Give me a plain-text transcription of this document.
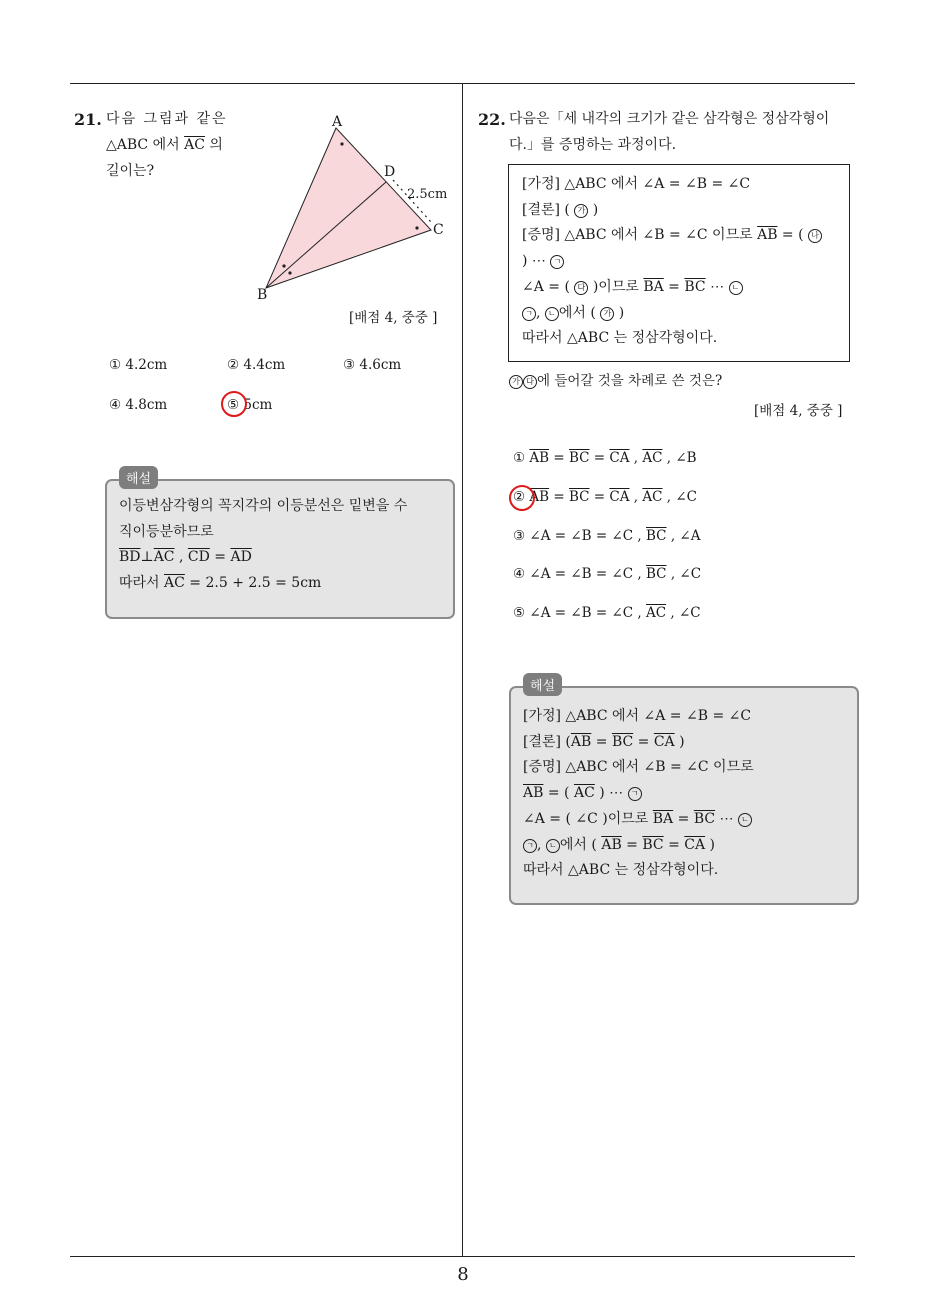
21. 다음 그림과 같은
△ABC 에서 $\overline{AC}$ 의
길이는?
A
B
C
D
2.5cm
[배점 4, 중중 ]
① 4.2cm	② 4.4cm	③ 4.6cm
④ 4.8cm	⑤ 5cm
이등변삼각형의 꼭지각의 이등분선은 밑변을 수
직이등분하므로
$\overline{BD}\perp\overline{AC}$ , $\overline{CD} = \overline{AD}$
따라서 $\overline{AC} = 2.5 + 2.5 = 5cm$
해설
22. 다음은「세 내각의 크기가 같은 삼각형은 정삼각형이
다.」를 증명하는 과정이다.
[가정] △ABC 에서 ∠A = ∠B = ∠C
[결론] ( 가 )
[증명] △ABC 에서 ∠B = ∠C 이므로 $\overline{AB}$ = ( 나
) ⋯ ㄱ
∠A = ( 다 )이므로 $\overline{BA} = \overline{BC}$ ⋯ ㄴ
ㄱ , ㄴ 에서 ( 가 )
따라서 △ABC 는 정삼각형이다.
가 다 에 들어갈 것을 차례로 쓴 것은?
[배점 4, 중중 ]
① $\overline{AB} = \overline{BC} = \overline{CA}$ , $\overline{AC}$ , ∠B
② $\overline{AB} = \overline{BC} = \overline{CA}$ , $\overline{AC}$ , ∠C
③ ∠A = ∠B = ∠C , $\overline{BC}$ , ∠A
④ ∠A = ∠B = ∠C , $\overline{BC}$ , ∠C
⑤ ∠A = ∠B = ∠C , $\overline{AC}$ , ∠C
[가정] △ABC 에서 ∠A = ∠B = ∠C
[결론] ($\overline{AB} = \overline{BC} = \overline{CA}$ )
[증명] △ABC 에서 ∠B = ∠C 이므로
$\overline{AB}$ = ( $\overline{AC}$ ) ⋯ ㄱ
∠A = ( ∠C )이므로 $\overline{BA} = \overline{BC}$ ⋯ ㄴ
ㄱ , ㄴ 에서 ( $\overline{AB} = \overline{BC} = \overline{CA}$ )
따라서 △ABC 는 정삼각형이다.
해설
8
